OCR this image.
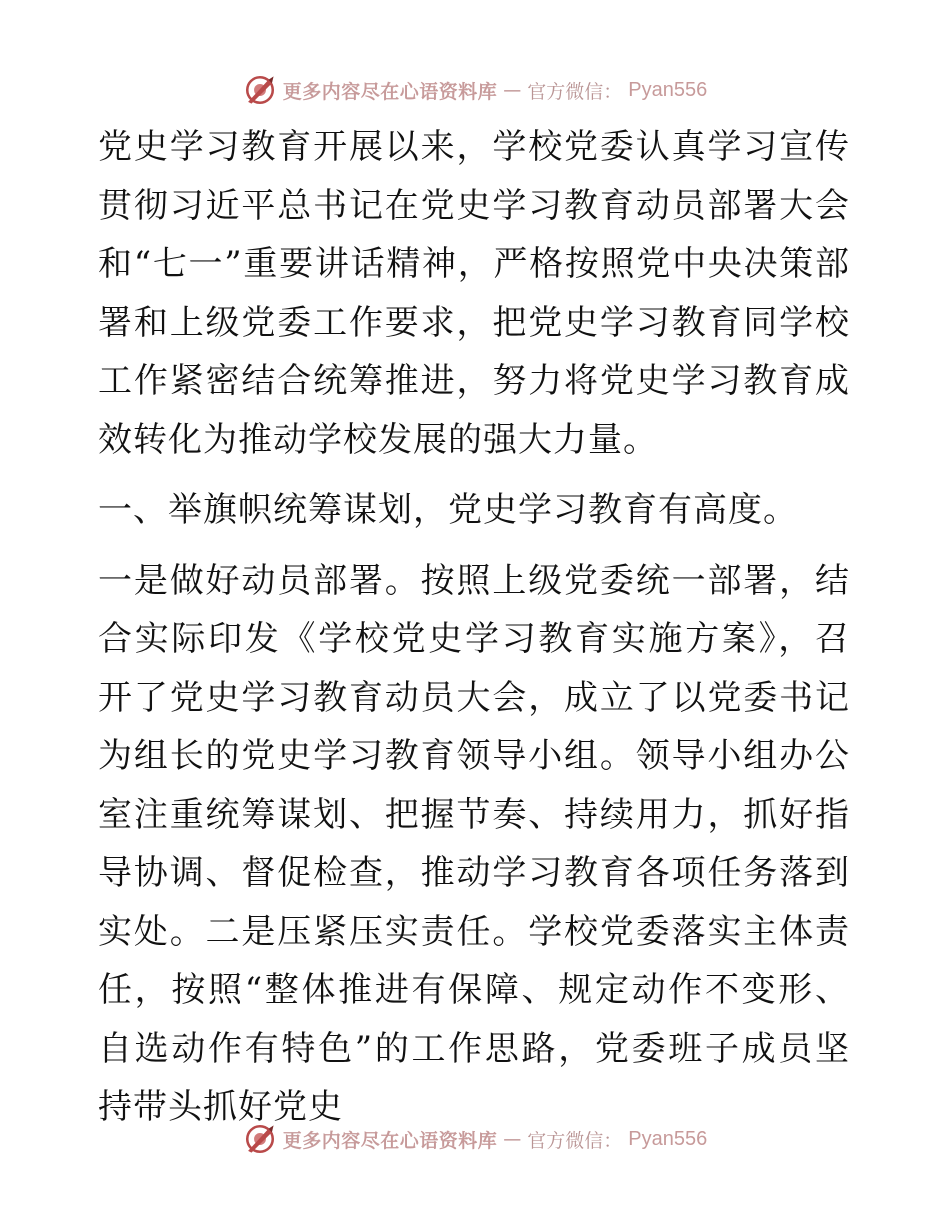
更多内容尽在心语资料库 — 官方微信： Pyan556

党史学习教育开展以来，学校党委认真学习宣传贯彻习近平总书记在党史学习教育动员部署大会和“七一”重要讲话精神，严格按照党中央决策部署和上级党委工作要求，把党史学习教育同学校工作紧密结合统筹推进，努力将党史学习教育成效转化为推动学校发展的强大力量。

一、举旗帜统筹谋划，党史学习教育有高度。

一是做好动员部署。按照上级党委统一部署，结合实际印发《学校党史学习教育实施方案》，召开了党史学习教育动员大会，成立了以党委书记为组长的党史学习教育领导小组。领导小组办公室注重统筹谋划、把握节奏、持续用力，抓好指导协调、督促检查，推动学习教育各项任务落到实处。二是压紧压实责任。学校党委落实主体责任，按照“整体推进有保障、规定动作不变形、自选动作有特色”的工作思路，党委班子成员坚持带头抓好党史

更多内容尽在心语资料库 — 官方微信： Pyan556
